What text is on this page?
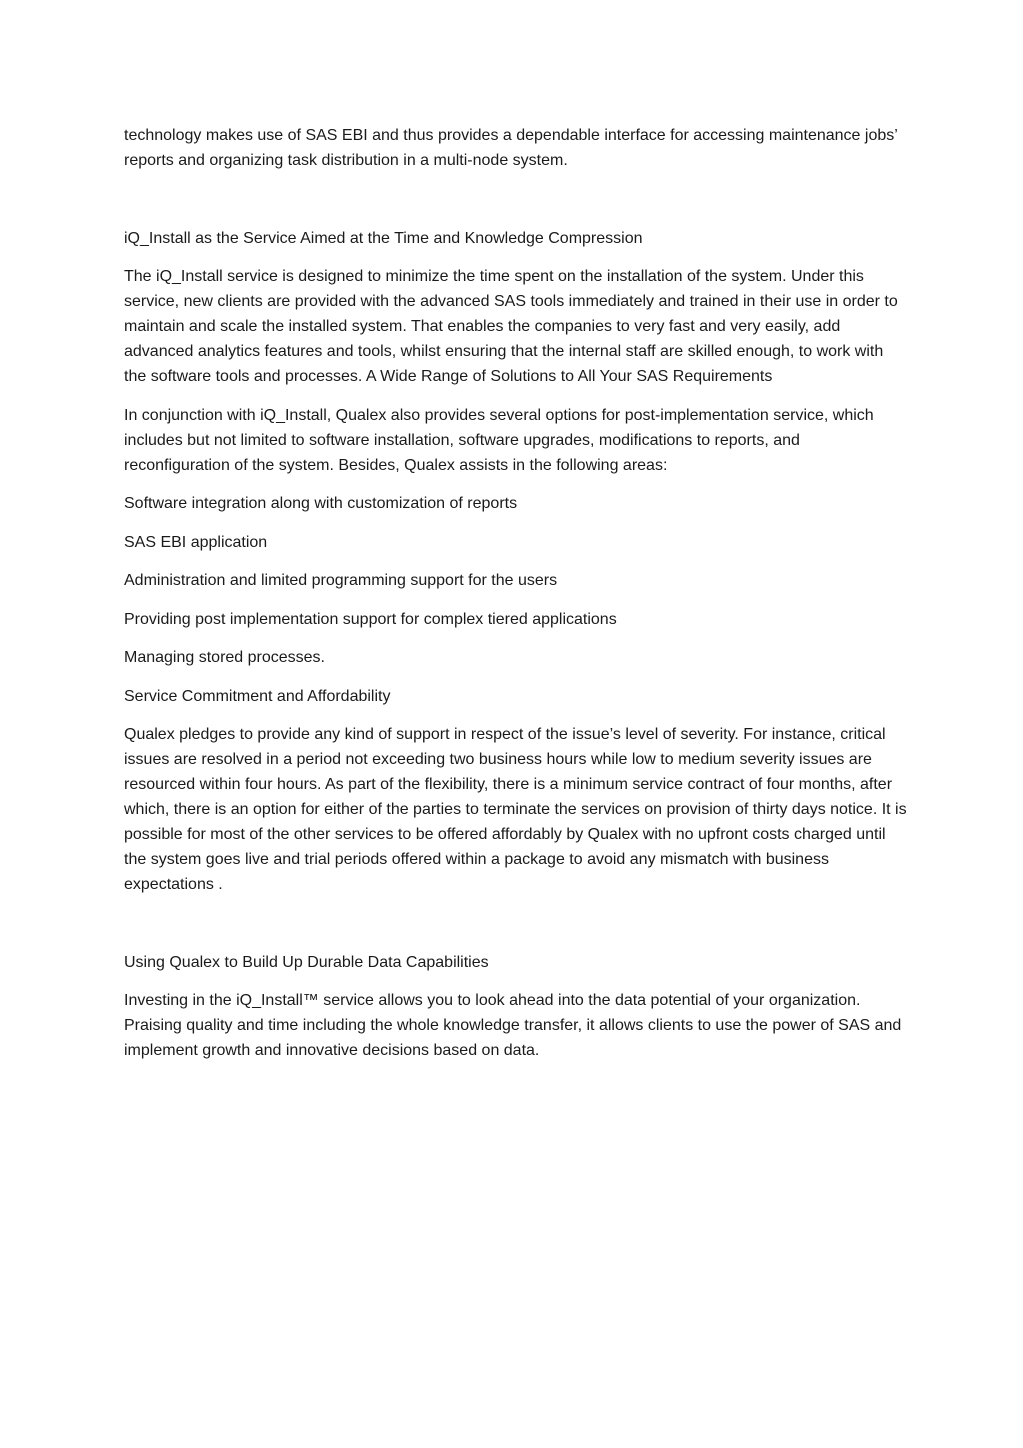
technology makes use of SAS EBI and thus provides a dependable interface for accessing maintenance jobs’ reports and organizing task distribution in a multi-node system.

iQ_Install as the Service Aimed at the Time and Knowledge Compression

The iQ_Install service is designed to minimize the time spent on the installation of the system. Under this service, new clients are provided with the advanced SAS tools immediately and trained in their use in order to maintain and scale the installed system. That enables the companies to very fast and very easily, add advanced analytics features and tools, whilst ensuring that the internal staff are skilled enough, to work with the software tools and processes. A Wide Range of Solutions to All Your SAS Requirements

In conjunction with iQ_Install, Qualex also provides several options for post-implementation service, which includes but not limited to software installation, software upgrades, modifications to reports, and reconfiguration of the system. Besides, Qualex assists in the following areas:

Software integration along with customization of reports

SAS EBI application

Administration and limited programming support for the users

Providing post implementation support for complex tiered applications

Managing stored processes.

Service Commitment and Affordability

Qualex pledges to provide any kind of support in respect of the issue’s level of severity. For instance, critical issues are resolved in a period not exceeding two business hours while low to medium severity issues are resourced within four hours. As part of the flexibility, there is a minimum service contract of four months, after which, there is an option for either of the parties to terminate the services on provision of thirty days notice. It is possible for most of the other services to be offered affordably by Qualex with no upfront costs charged until the system goes live and trial periods offered within a package to avoid any mismatch with business expectations .

Using Qualex to Build Up Durable Data Capabilities

Investing in the iQ_Install™ service allows you to look ahead into the data potential of your organization. Praising quality and time including the whole knowledge transfer, it allows clients to use the power of SAS and implement growth and innovative decisions based on data.
